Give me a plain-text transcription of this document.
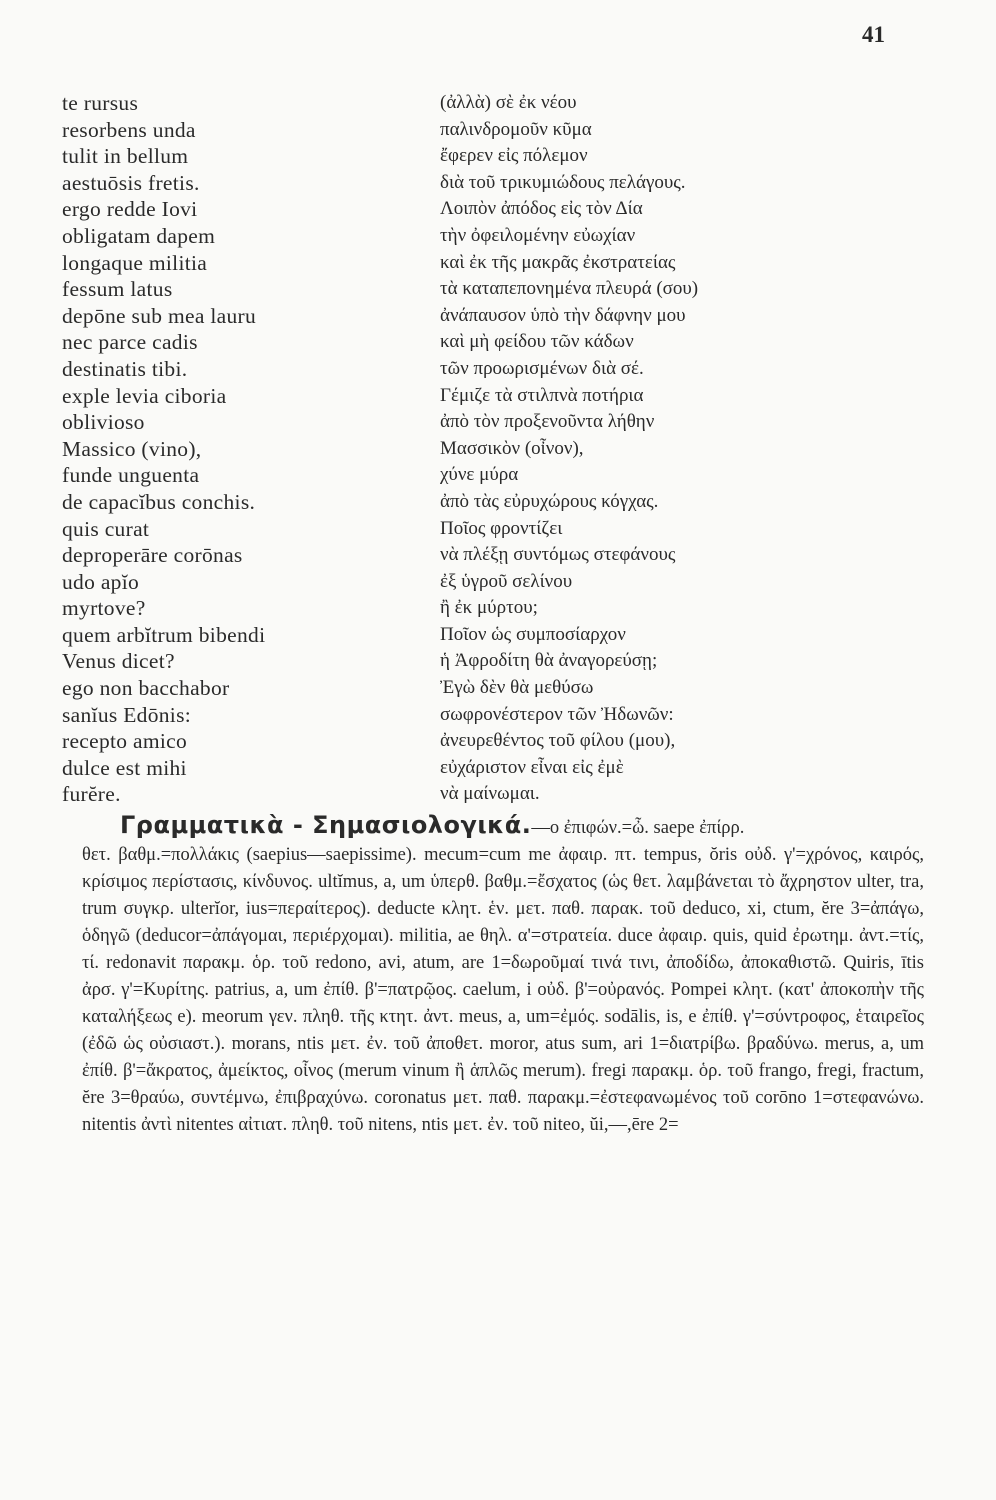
41
te rursus
resorbens unda
tulit in bellum
aestuōsis fretis.
ergo redde Iovi
obligatam dapem
longaque militia
fessum latus
depōne sub mea lauru
nec parce cadis
destinatis tibi.
exple levia ciboria
oblivioso
Massico (vino),
funde unguenta
de capacĭbus conchis.
quis curat
deproperāre corōnas
udo apĭo
myrtove?
quem arbĭtrum bibendi
Venus dicet?
ego non bacchabor
sanĭus Edōnis:
recepto amico
dulce est mihi
furĕre.
(ἀλλὰ) σὲ ἐκ νέου
παλινδρομοῦν κῦμα
ἔφερεν εἰς πόλεμον
διὰ τοῦ τρικυμιώδους πελάγους.
Λοιπὸν ἀπόδος εἰς τὸν Δία
τὴν ὀφειλομένην εὐωχίαν
καὶ ἐκ τῆς μακρᾶς ἐκστρατείας
τὰ καταπεπονημένα πλευρά (σου)
ἀνάπαυσον ὑπὸ τὴν δάφνην μου
καὶ μὴ φείδου τῶν κάδων
τῶν προωρισμένων διὰ σέ.
Γέμιζε τὰ στιλπνὰ ποτήρια
ἀπὸ τὸν προξενοῦντα λήθην
Μασσικὸν (οἶνον),
χύνε μύρα
ἀπὸ τὰς εὐρυχώρους κόγχας.
Ποῖος φροντίζει
νὰ πλέξῃ συντόμως στεφάνους
ἐξ ὑγροῦ σελίνου
ἢ ἐκ μύρτου;
Ποῖον ὡς συμποσίαρχον
ἡ Ἀφροδίτη θὰ ἀναγορεύσῃ;
Ἐγὼ δὲν θὰ μεθύσω
σωφρονέστερον τῶν Ἠδωνῶν:
ἀνευρεθέντος τοῦ φίλου (μου),
εὐχάριστον εἶναι εἰς ἐμὲ
νὰ μαίνωμαι.
Γραμματικὰ - Σημασιολογικά.—ο ἐπιφών.=ὦ. saepe ἐπίρρ.
θετ. βαθμ.=πολλάκις (saepius—saepissime). mecum=cum me ἀφαιρ. πτ. tempus, ŏris οὐδ. γ'=χρόνος, καιρός, κρίσιμος περίστασις, κίνδυνος. ultĭmus, a, um ὑπερθ. βαθμ.=ἔσχατος (ὡς θετ. λαμβάνεται τὸ ἄχρηστον ulter, tra, trum συγκρ. ulterĭor, ius=περαίτερος). deducte κλητ. ἑν. μετ. παθ. παρακ. τοῦ deduco, xi, ctum, ĕre 3=ἀπάγω, ὁδηγῶ (deducor=ἀπάγομαι, περιέρχομαι). militia, ae θηλ. α'=στρατεία. duce ἀφαιρ. quis, quid ἐρωτημ. ἀντ.=τίς, τί. redonavit παρακμ. ὁρ. τοῦ redono, avi, atum, are 1=δωροῦμαί τινά τινι, ἀποδίδω, ἀποκαθιστῶ. Quiris, ītis ἀρσ. γ'=Κυρίτης. patrius, a, um ἐπίθ. β'=πατρῷος. caelum, i οὐδ. β'=οὐρανός. Pompei κλητ. (κατ' ἀποκοπὴν τῆς καταλήξεως e). meorum γεν. πληθ. τῆς κτητ. ἀντ. meus, a, um=ἐμός. sodālis, is, e ἐπίθ. γ'=σύντροφος, ἑταιρεῖος (ἐδῶ ὡς οὐσιαστ.). morans, ntis μετ. ἐν. τοῦ ἀποθετ. moror, atus sum, ari 1=διατρίβω. βραδύνω. merus, a, um ἐπίθ. β'=ἄκρατος, ἀμείκτος, οἶνος (merum vinum ἢ ἁπλῶς merum). fregi παρακμ. ὁρ. τοῦ frango, fregi, fractum, ĕre 3=θραύω, συντέμνω, ἐπιβραχύνω. coronatus μετ. παθ. παρακμ.=ἐστεφανωμένος τοῦ corōno 1=στεφανώνω. nitentis ἀντὶ nitentes αἰτιατ. πληθ. τοῦ nitens, ntis μετ. ἐν. τοῦ niteo, ŭi,—,ēre 2=
